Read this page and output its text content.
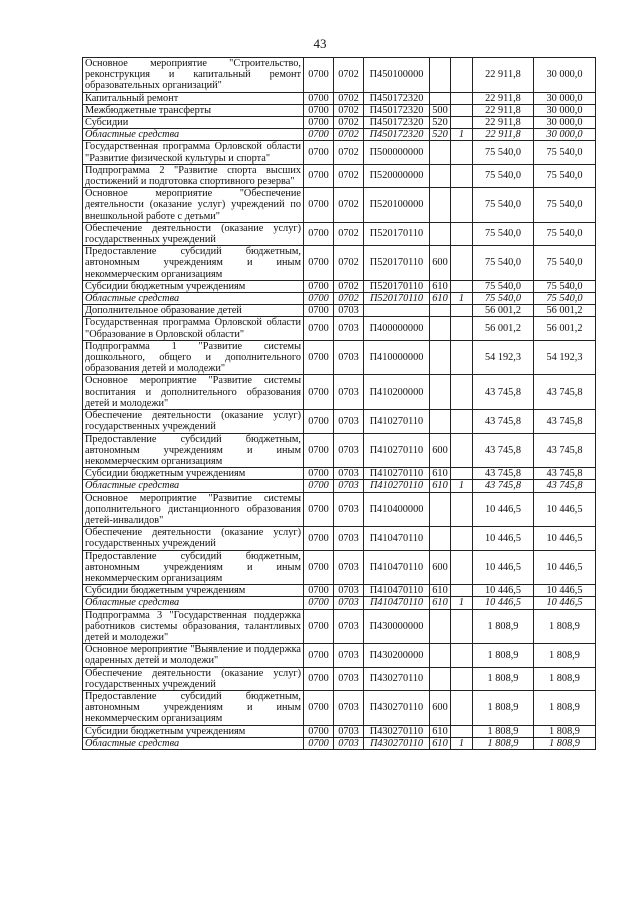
43
Основное мероприятие "Строительство, реконструкция и капитальный ремонт образовательных организаций"	0700	0702	П450100000			22 911,8	30 000,0
Капитальный ремонт	0700	0702	П450172320			22 911,8	30 000,0
Межбюджетные трансферты	0700	0702	П450172320	500		22 911,8	30 000,0
Субсидии	0700	0702	П450172320	520		22 911,8	30 000,0
Областные средства	0700	0702	П450172320	520	1	22 911,8	30 000,0
Государственная программа Орловской области "Развитие физической культуры и спорта"	0700	0702	П500000000			75 540,0	75 540,0
Подпрограмма 2 "Развитие спорта высших достижений и подготовка спортивного резерва"	0700	0702	П520000000			75 540,0	75 540,0
Основное мероприятие "Обеспечение деятельности (оказание услуг) учреждений по внешкольной работе с детьми"	0700	0702	П520100000			75 540,0	75 540,0
Обеспечение деятельности (оказание услуг) государственных учреждений	0700	0702	П520170110			75 540,0	75 540,0
Предоставление субсидий бюджетным, автономным учреждениям и иным некоммерческим организациям	0700	0702	П520170110	600		75 540,0	75 540,0
Субсидии бюджетным учреждениям	0700	0702	П520170110	610		75 540,0	75 540,0
Областные средства	0700	0702	П520170110	610	1	75 540,0	75 540,0
Дополнительное образование детей	0700	0703				56 001,2	56 001,2
Государственная программа Орловской области "Образование в Орловской области"	0700	0703	П400000000			56 001,2	56 001,2
Подпрограмма 1 "Развитие системы дошкольного, общего и дополнительного образования детей и молодежи"	0700	0703	П410000000			54 192,3	54 192,3
Основное мероприятие "Развитие системы воспитания и дополнительного образования детей и молодежи"	0700	0703	П410200000			43 745,8	43 745,8
Обеспечение деятельности (оказание услуг) государственных учреждений	0700	0703	П410270110			43 745,8	43 745,8
Предоставление субсидий бюджетным, автономным учреждениям и иным некоммерческим организациям	0700	0703	П410270110	600		43 745,8	43 745,8
Субсидии бюджетным учреждениям	0700	0703	П410270110	610		43 745,8	43 745,8
Областные средства	0700	0703	П410270110	610	1	43 745,8	43 745,8
Основное мероприятие "Развитие системы дополнительного дистанционного образования детей-инвалидов"	0700	0703	П410400000			10 446,5	10 446,5
Обеспечение деятельности (оказание услуг) государственных учреждений	0700	0703	П410470110			10 446,5	10 446,5
Предоставление субсидий бюджетным, автономным учреждениям и иным некоммерческим организациям	0700	0703	П410470110	600		10 446,5	10 446,5
Субсидии бюджетным учреждениям	0700	0703	П410470110	610		10 446,5	10 446,5
Областные средства	0700	0703	П410470110	610	1	10 446,5	10 446,5
Подпрограмма 3 "Государственная поддержка работников системы образования, талантливых детей и молодежи"	0700	0703	П430000000			1 808,9	1 808,9
Основное мероприятие "Выявление и поддержка одаренных детей и молодежи"	0700	0703	П430200000			1 808,9	1 808,9
Обеспечение деятельности (оказание услуг) государственных учреждений	0700	0703	П430270110			1 808,9	1 808,9
Предоставление субсидий бюджетным, автономным учреждениям и иным некоммерческим организациям	0700	0703	П430270110	600		1 808,9	1 808,9
Субсидии бюджетным учреждениям	0700	0703	П430270110	610		1 808,9	1 808,9
Областные средства	0700	0703	П430270110	610	1	1 808,9	1 808,9
